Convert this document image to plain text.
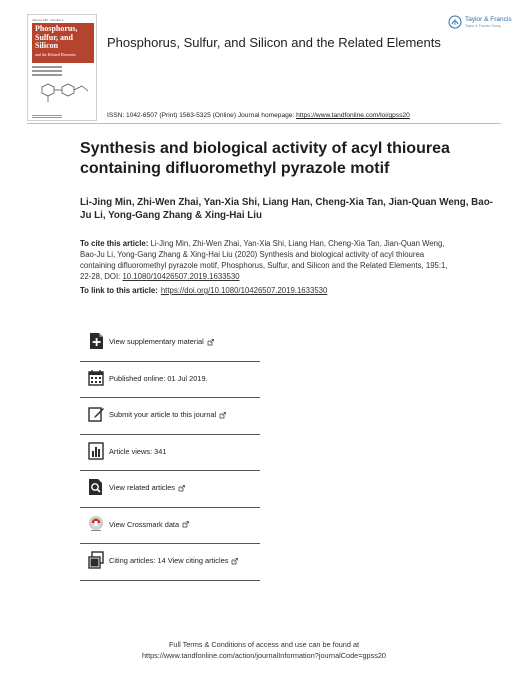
Volume 195 · Number 1
Phosphorus,
Sulfur, and
Silicon
and the Related Elements
Phosphorus, Sulfur, and Silicon and the Related Elements
Taylor & Francis
Taylor & Francis Group
ISSN: 1042-6507 (Print) 1563-5325 (Online) Journal homepage: https://www.tandfonline.com/loi/gpss20
Synthesis and biological activity of acyl thiourea containing difluoromethyl pyrazole motif

Li-Jing Min, Zhi-Wen Zhai, Yan-Xia Shi, Liang Han, Cheng-Xia Tan, Jian-Quan Weng, Bao-Ju Li, Yong-Gang Zhang & Xing-Hai Liu

To cite this article: Li-Jing Min, Zhi-Wen Zhai, Yan-Xia Shi, Liang Han, Cheng-Xia Tan, Jian-Quan Weng, Bao-Ju Li, Yong-Gang Zhang & Xing-Hai Liu (2020) Synthesis and biological activity of acyl thiourea containing difluoromethyl pyrazole motif, Phosphorus, Sulfur, and Silicon and the Related Elements, 195:1, 22-28, DOI: 10.1080/10426507.2019.1633530

To link to this article: https://doi.org/10.1080/10426507.2019.1633530
View supplementary material
Published online: 01 Jul 2019.
Submit your article to this journal
Article views: 341
View related articles
View Crossmark data
Citing articles: 14 View citing articles
Full Terms & Conditions of access and use can be found at
https://www.tandfonline.com/action/journalInformation?journalCode=gpss20
